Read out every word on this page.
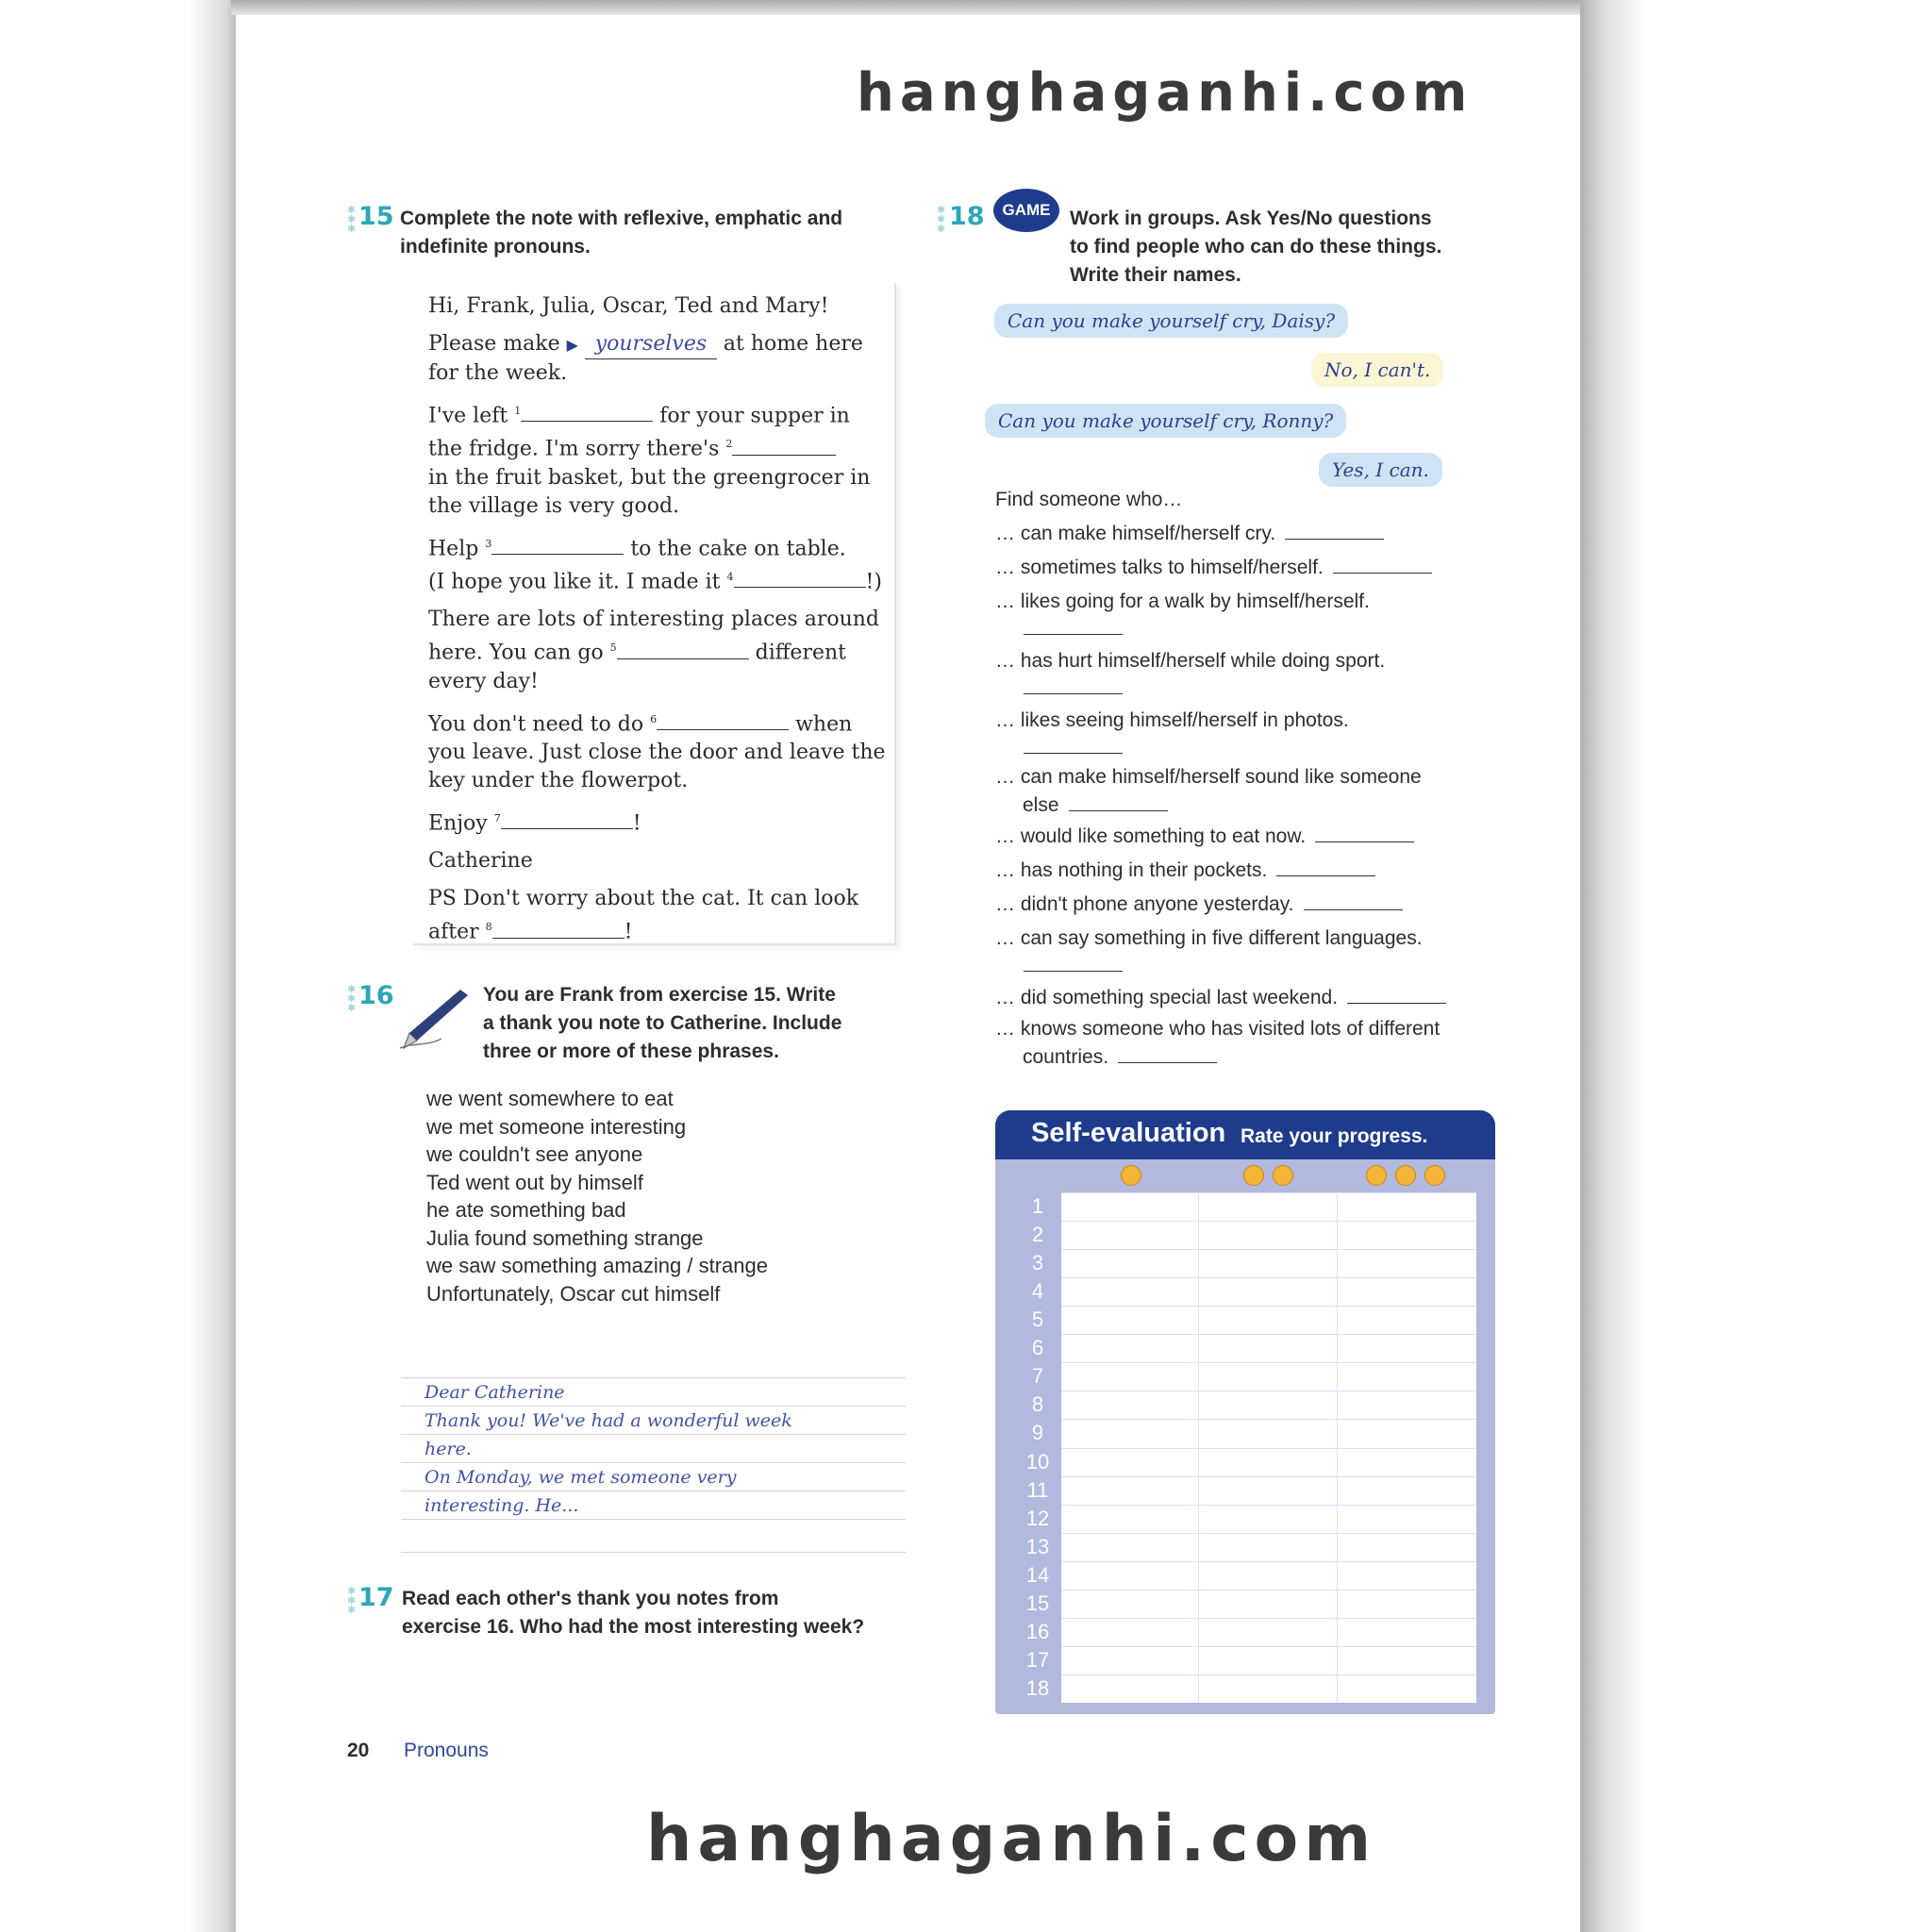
hanghaganhi.com
✱
✱
✱ 15 Complete the note with reflexive, emphatic and
indefinite pronouns.

Hi, Frank, Julia, Oscar, Ted and Mary!

Please make ▶ yourselves at home here
for the week.

I've left $^1$	for your supper in
the fridge. I'm sorry there's $^2$
in the fruit basket, but the greengrocer in
the village is very good.

Help $^3$	to the cake on table.
(I hope you like it. I made it $^4$	!)

There are lots of interesting places around
here. You can go $^5$	different
every day!

You don't need to do $^6$	when
you leave. Just close the door and leave the
key under the flowerpot.

Enjoy $^7$	!

Catherine

PS Don't worry about the cat. It can look
after $^8$	!

✱
✱
✱ 16	You are Frank from exercise 15. Write
a thank you note to Catherine. Include
three or more of these phrases.
we went somewhere to eat
we met someone interesting
we couldn't see anyone
Ted went out by himself
he ate something bad
Julia found something strange
we saw something amazing / strange
Unfortunately, Oscar cut himself
Dear Catherine
Thank you! We've had a wonderful week
here.
On Monday, we met someone very
interesting. He...
✱
✱
✱ 17 Read each other's thank you notes from
exercise 16. Who had the most interesting week?
20 Pronouns
✱
✱
✱ 18	GAME Work in groups. Ask Yes/No questions
to find people who can do these things.
Write their names.
Can you make yourself cry, Daisy?
No, I can't.
Can you make yourself cry, Ronny?
Yes, I can.
Find someone who…
… can make himself/herself cry.
… sometimes talks to himself/herself.
… likes going for a walk by himself/herself.
… has hurt himself/herself while doing sport.
… likes seeing himself/herself in photos.
… can make himself/herself sound like someone
else
… would like something to eat now.
… has nothing in their pockets.
… didn't phone anyone yesterday.
… can say something in five different languages.
… did something special last weekend.
… knows someone who has visited lots of different
countries.
Self-evaluation Rate your progress.
1
2
3
4
5
6
7
8
9
10
11
12
13
14
15
16
17
18
hanghaganhi.com
